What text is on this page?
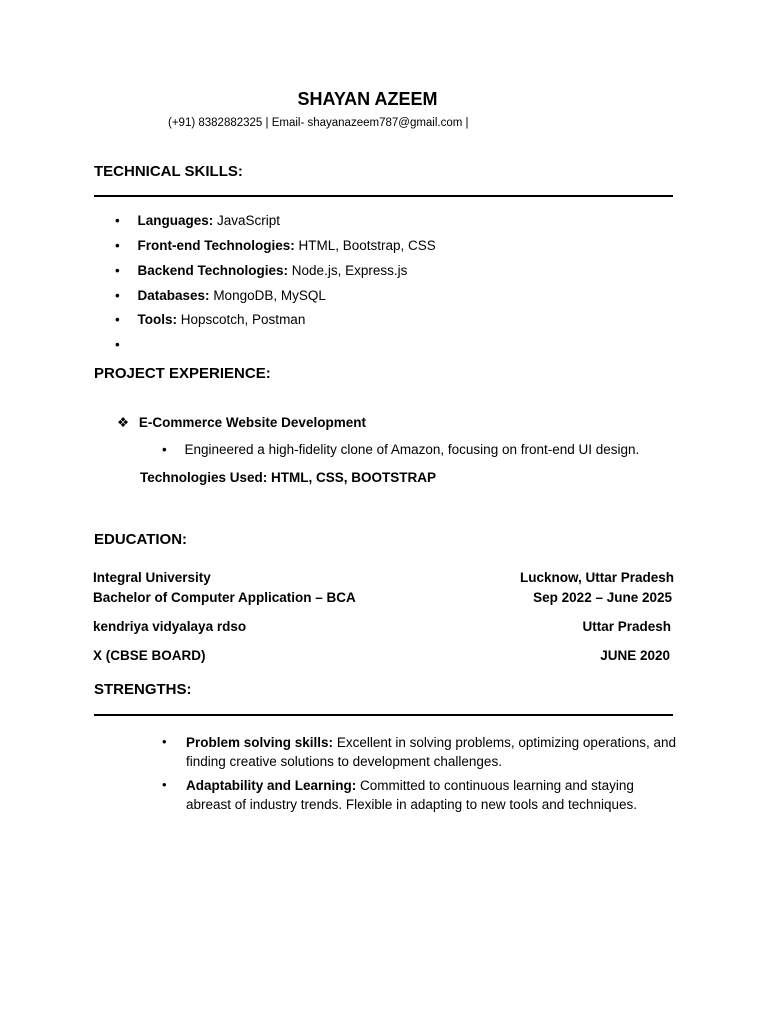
SHAYAN AZEEM
(+91) 8382882325 | Email- shayanazeem787@gmail.com |
TECHNICAL SKILLS:
• Languages: JavaScript
• Front-end Technologies: HTML, Bootstrap, CSS
• Backend Technologies: Node.js, Express.js
• Databases: MongoDB, MySQL
• Tools: Hopscotch, Postman
•
PROJECT EXPERIENCE:
❖ E-Commerce Website Development
• Engineered a high-fidelity clone of Amazon, focusing on front-end UI design.
Technologies Used: HTML, CSS, BOOTSTRAP
EDUCATION:
Integral University	Lucknow, Uttar Pradesh
Bachelor of Computer Application – BCA	Sep 2022 – June 2025
kendriya vidyalaya rdso	Uttar Pradesh
X (CBSE BOARD)	JUNE 2020
STRENGTHS:
• Problem solving skills: Excellent in solving problems, optimizing operations, and finding creative solutions to development challenges.
• Adaptability and Learning: Committed to continuous learning and staying abreast of industry trends. Flexible in adapting to new tools and techniques.
